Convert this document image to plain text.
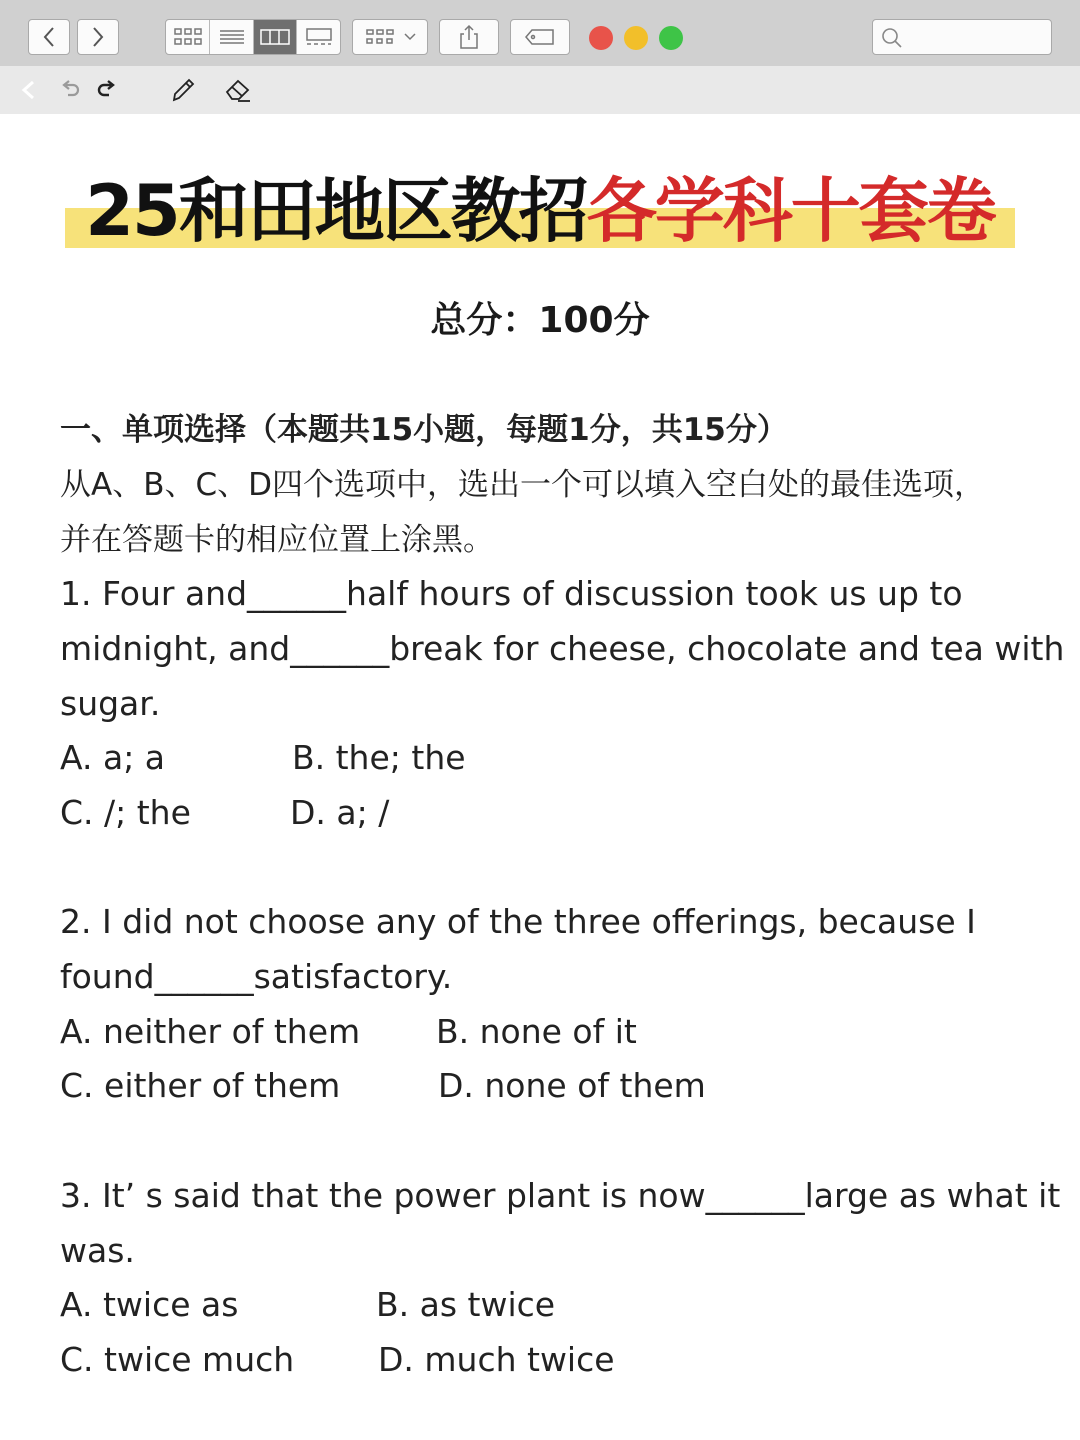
25和田地区教招各学科十套卷
总分：100分
一、单项选择（本题共15小题，每题1分，共15分）
从A、B、C、D四个选项中，选出一个可以填入空白处的最佳选项，
并在答题卡的相应位置上涂黑。
1. Four and______half hours of discussion took us up to
midnight, and______break for cheese, chocolate and tea with
sugar.
A. a; a	B. the; the
C. /; the	D. a; /
2. I did not choose any of the three offerings, because I
found______satisfactory.
A. neither of them B. none of it
C. either of them	D. none of them
3. It’ s said that the power plant is now______large as what it
was.
A. twice as	B. as twice
C. twice much	D. much twice
